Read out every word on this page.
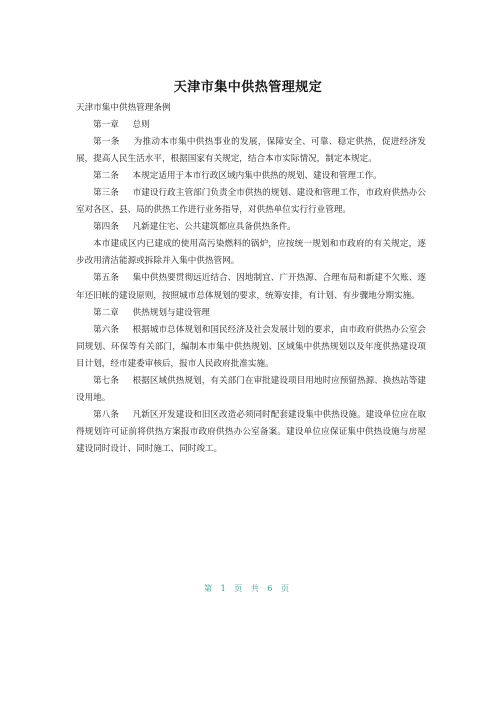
天津市集中供热管理规定

天津市集中供热管理条例

第一章 总则

第一条 为推动本市集中供热事业的发展，保障安全、可靠、稳定供热，促进经济发展，提高人民生活水平，根据国家有关规定，结合本市实际情况，制定本规定。

第二条 本规定适用于本市行政区域内集中供热的规划、建设和管理工作。

第三条 市建设行政主管部门负责全市供热的规划、建设和管理工作，市政府供热办公室对各区、县、局的供热工作进行业务指导，对供热单位实行行业管理。

第四条 凡新建住宅、公共建筑都应具备供热条件。

本市建成区内已建成的使用高污染燃料的锅炉，应按统一规划和市政府的有关规定，逐步改用清洁能源或拆除并入集中供热管网。

第五条 集中供热要贯彻远近结合、因地制宜、广开热源、合理布局和新建不欠账、逐年还旧帐的建设原则，按照城市总体规划的要求，统筹安排，有计划、有步骤地分期实施。

第二章 供热规划与建设管理

第六条 根据城市总体规划和国民经济及社会发展计划的要求，由市政府供热办公室会同规划、环保等有关部门，编制本市集中供热规划、区域集中供热规划以及年度供热建设项目计划，经市建委审核后，报市人民政府批准实施。

第七条 根据区域供热规划，有关部门在审批建设项目用地时应预留热源、换热站等建设用地。

第八条 凡新区开发建设和旧区改造必须同时配套建设集中供热设施。建设单位应在取得规划许可证前将供热方案报市政府供热办公室备案。建设单位应保证集中供热设施与房屋建设同时设计、同时施工、同时竣工。

第 1 页 共 6 页
